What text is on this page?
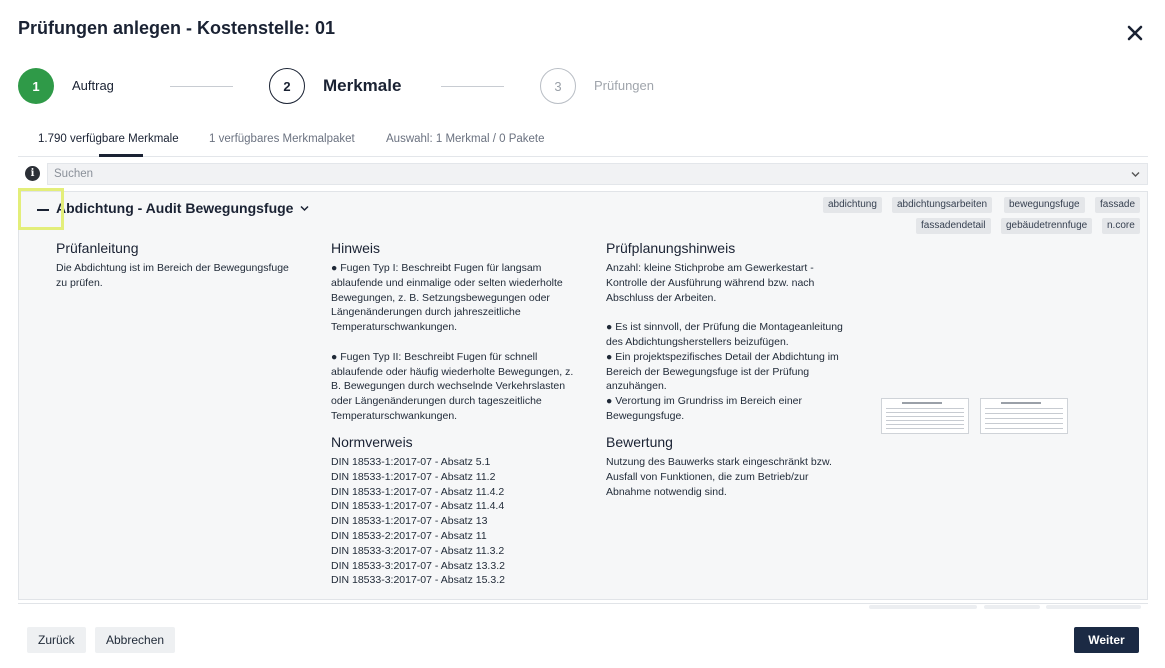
Prüfungen anlegen - Kostenstelle: 01
1	Auftrag	2	Merkmale	3	Prüfungen
1.790 verfügbare Merkmale	1 verfügbares Merkmalpaket	Auswahl: 1 Merkmal / 0 Pakete
i
Suchen
Abdichtung - Audit Bewegungsfuge	abdichtung	abdichtungsarbeiten	bewegungsfuge	fassade
fassadendetail	gebäudetrennfuge	n.core
Prüfanleitung
Die Abdichtung ist im Bereich der Bewegungsfuge
zu prüfen.
Hinweis
● Fugen Typ I: Beschreibt Fugen für langsam
ablaufende und einmalige oder selten wiederholte
Bewegungen, z. B. Setzungsbewegungen oder
Längenänderungen durch jahreszeitliche
Temperaturschwankungen.
● Fugen Typ II: Beschreibt Fugen für schnell
ablaufende oder häufig wiederholte Bewegungen, z.
B. Bewegungen durch wechselnde Verkehrslasten
oder Längenänderungen durch tageszeitliche
Temperaturschwankungen.
Prüfplanungshinweis
Anzahl: kleine Stichprobe am Gewerkestart -
Kontrolle der Ausführung während bzw. nach
Abschluss der Arbeiten.
● Es ist sinnvoll, der Prüfung die Montageanleitung
des Abdichtungsherstellers beizufügen.
● Ein projektspezifisches Detail der Abdichtung im
Bereich der Bewegungsfuge ist der Prüfung
anzuhängen.
● Verortung im Grundriss im Bereich einer
Bewegungsfuge.
Normverweis
DIN 18533-1:2017-07 - Absatz 5.1
DIN 18533-1:2017-07 - Absatz 11.2
DIN 18533-1:2017-07 - Absatz 11.4.2
DIN 18533-1:2017-07 - Absatz 11.4.4
DIN 18533-1:2017-07 - Absatz 13
DIN 18533-2:2017-07 - Absatz 11
DIN 18533-3:2017-07 - Absatz 11.3.2
DIN 18533-3:2017-07 - Absatz 13.3.2
DIN 18533-3:2017-07 - Absatz 15.3.2
Bewertung
Nutzung des Bauwerks stark eingeschränkt bzw.
Ausfall von Funktionen, die zum Betrieb/zur
Abnahme notwendig sind.
Zurück	Abbrechen	Weiter
